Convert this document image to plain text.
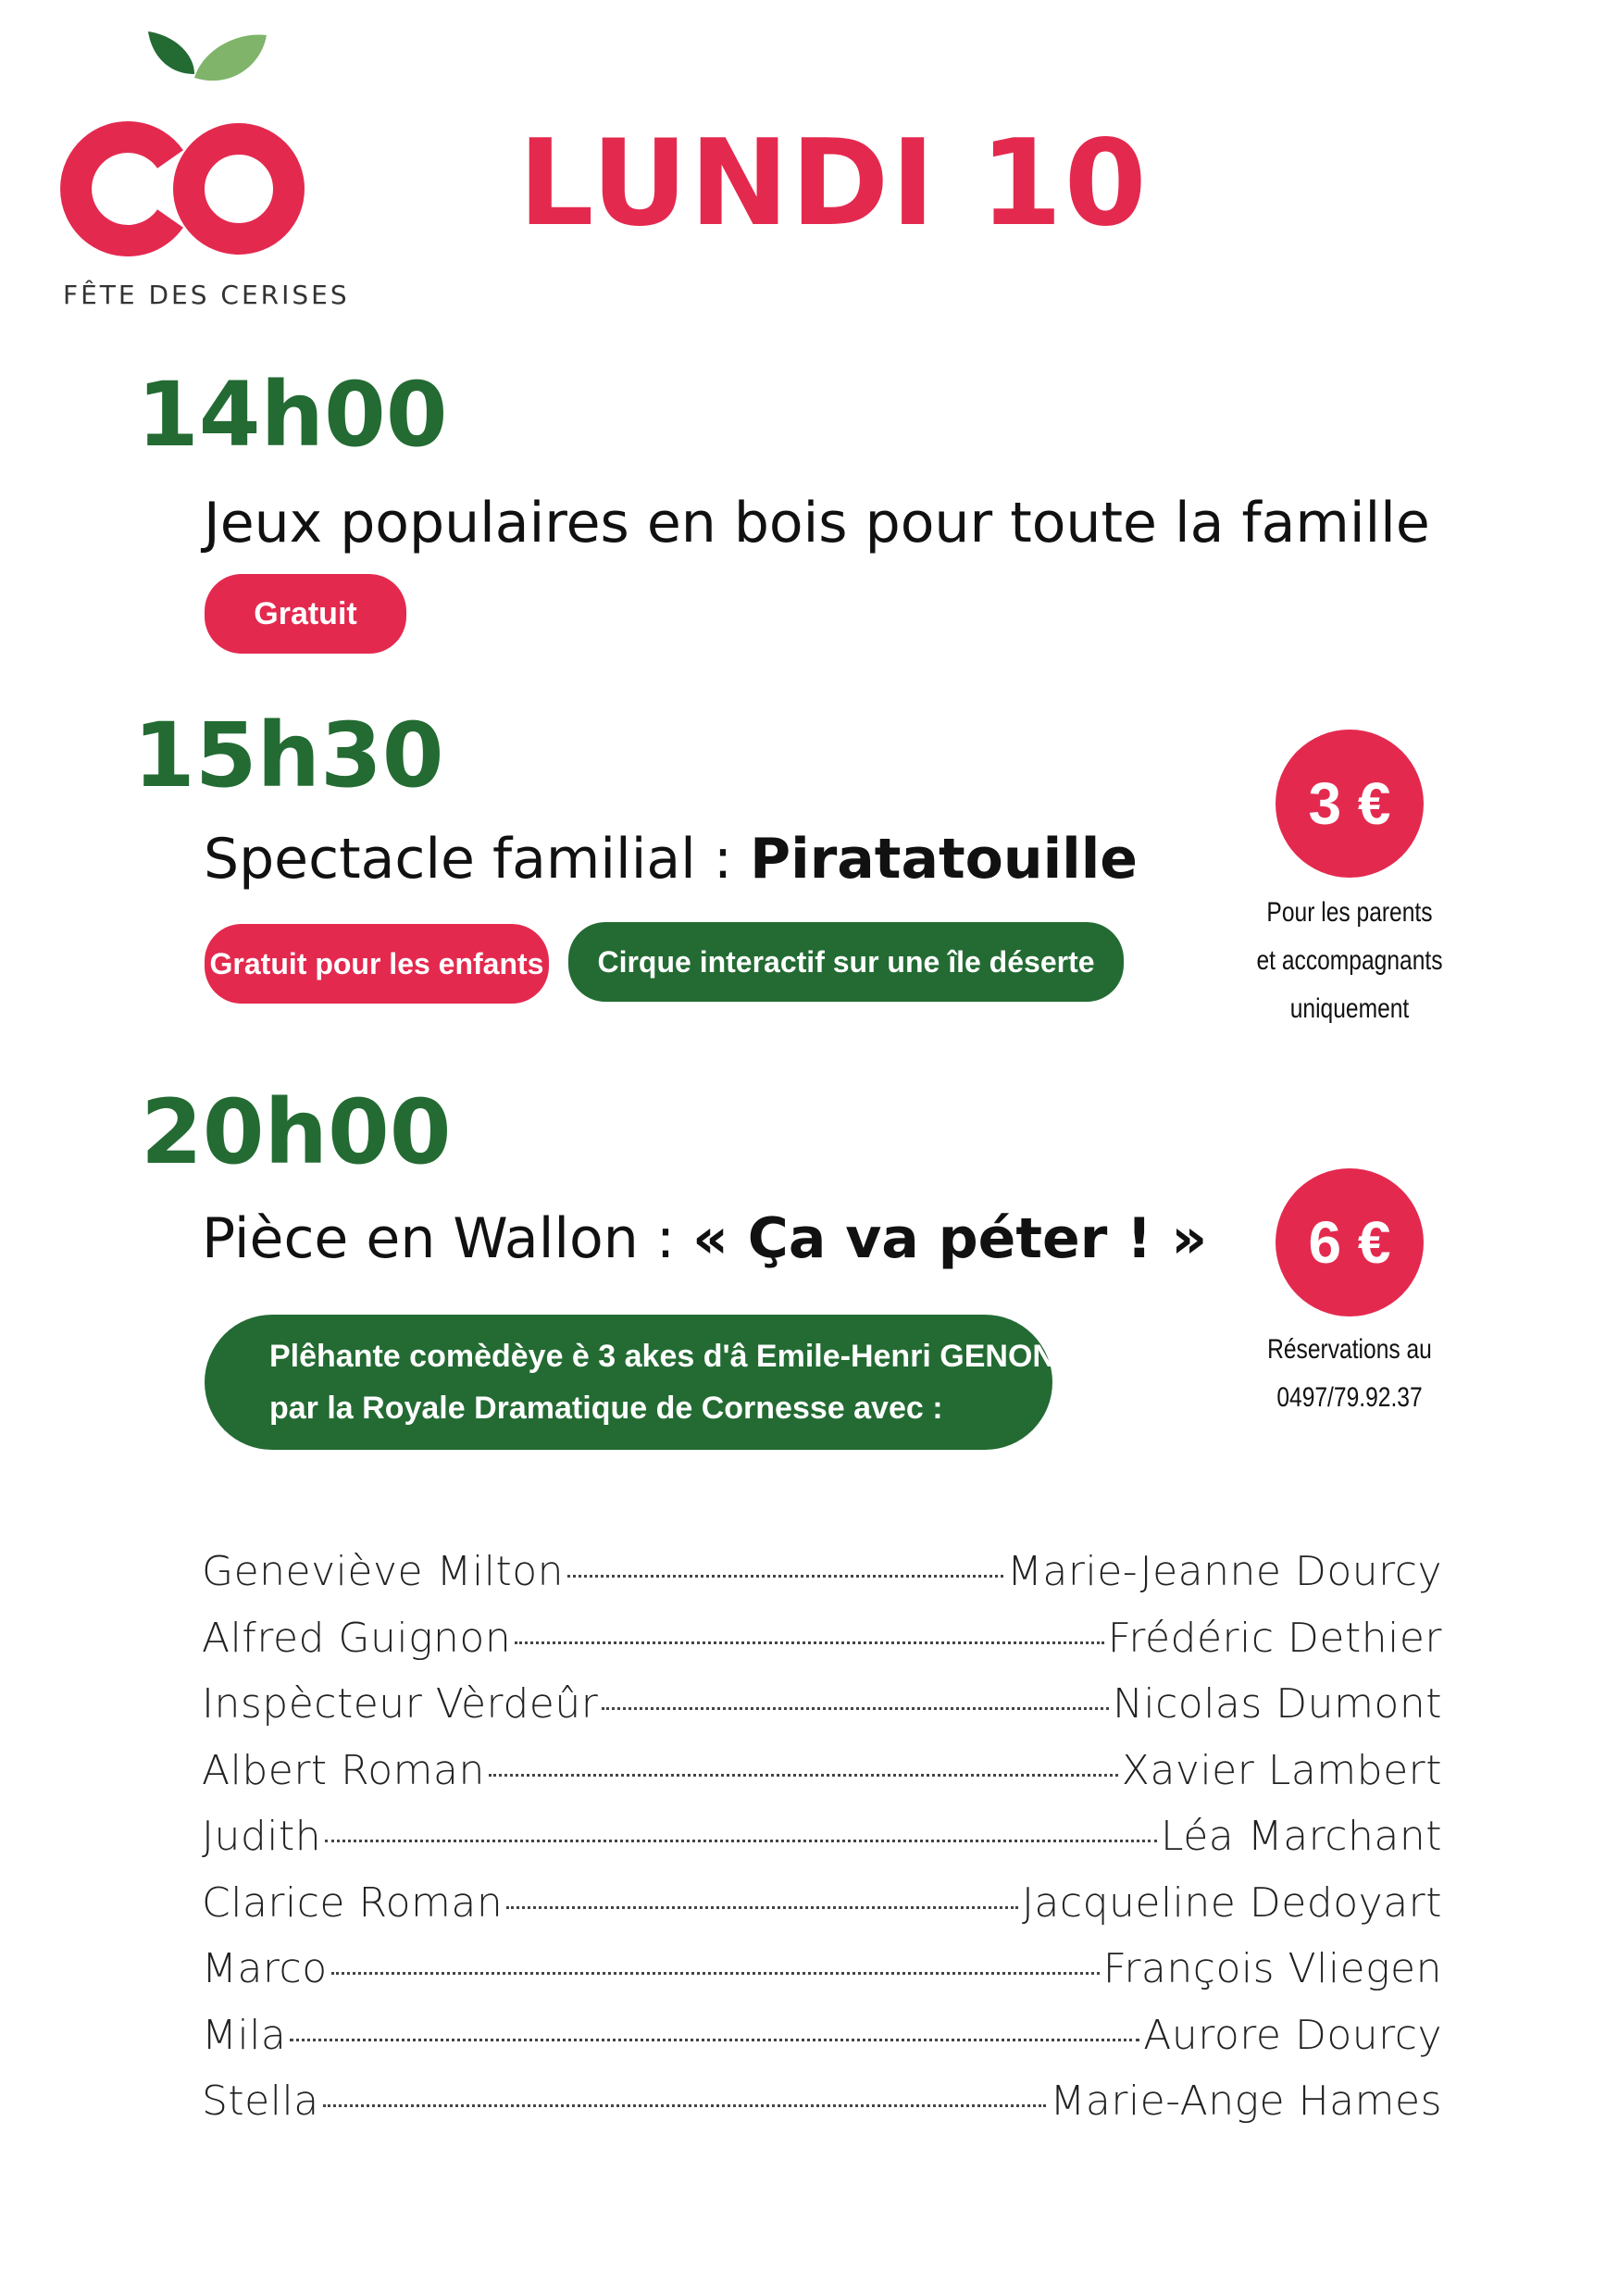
FÊTE DES CERISES
LUNDI 10
14h00
Jeux populaires en bois pour toute la famille
Gratuit
15h30
Spectacle familial : Piratatouille
Gratuit pour les enfants	Cirque interactif sur une île déserte
3 €
Pour les parents
et accompagnants
uniquement
20h00
Pièce en Wallon : « Ça va péter ! »
Plêhante comèdèye è 3 akes d'â Emile-Henri GENON
par la Royale Dramatique de Cornesse avec :
6 €
Réservations au
0497/79.92.37
Geneviève Milton	Marie-Jeanne Dourcy
Alfred Guignon	Frédéric Dethier
Inspècteur Vèrdeûr	Nicolas Dumont
Albert Roman	Xavier Lambert
Judith	Léa Marchant
Clarice Roman	Jacqueline Dedoyart
Marco	François Vliegen
Mila	Aurore Dourcy
Stella	Marie-Ange Hames
